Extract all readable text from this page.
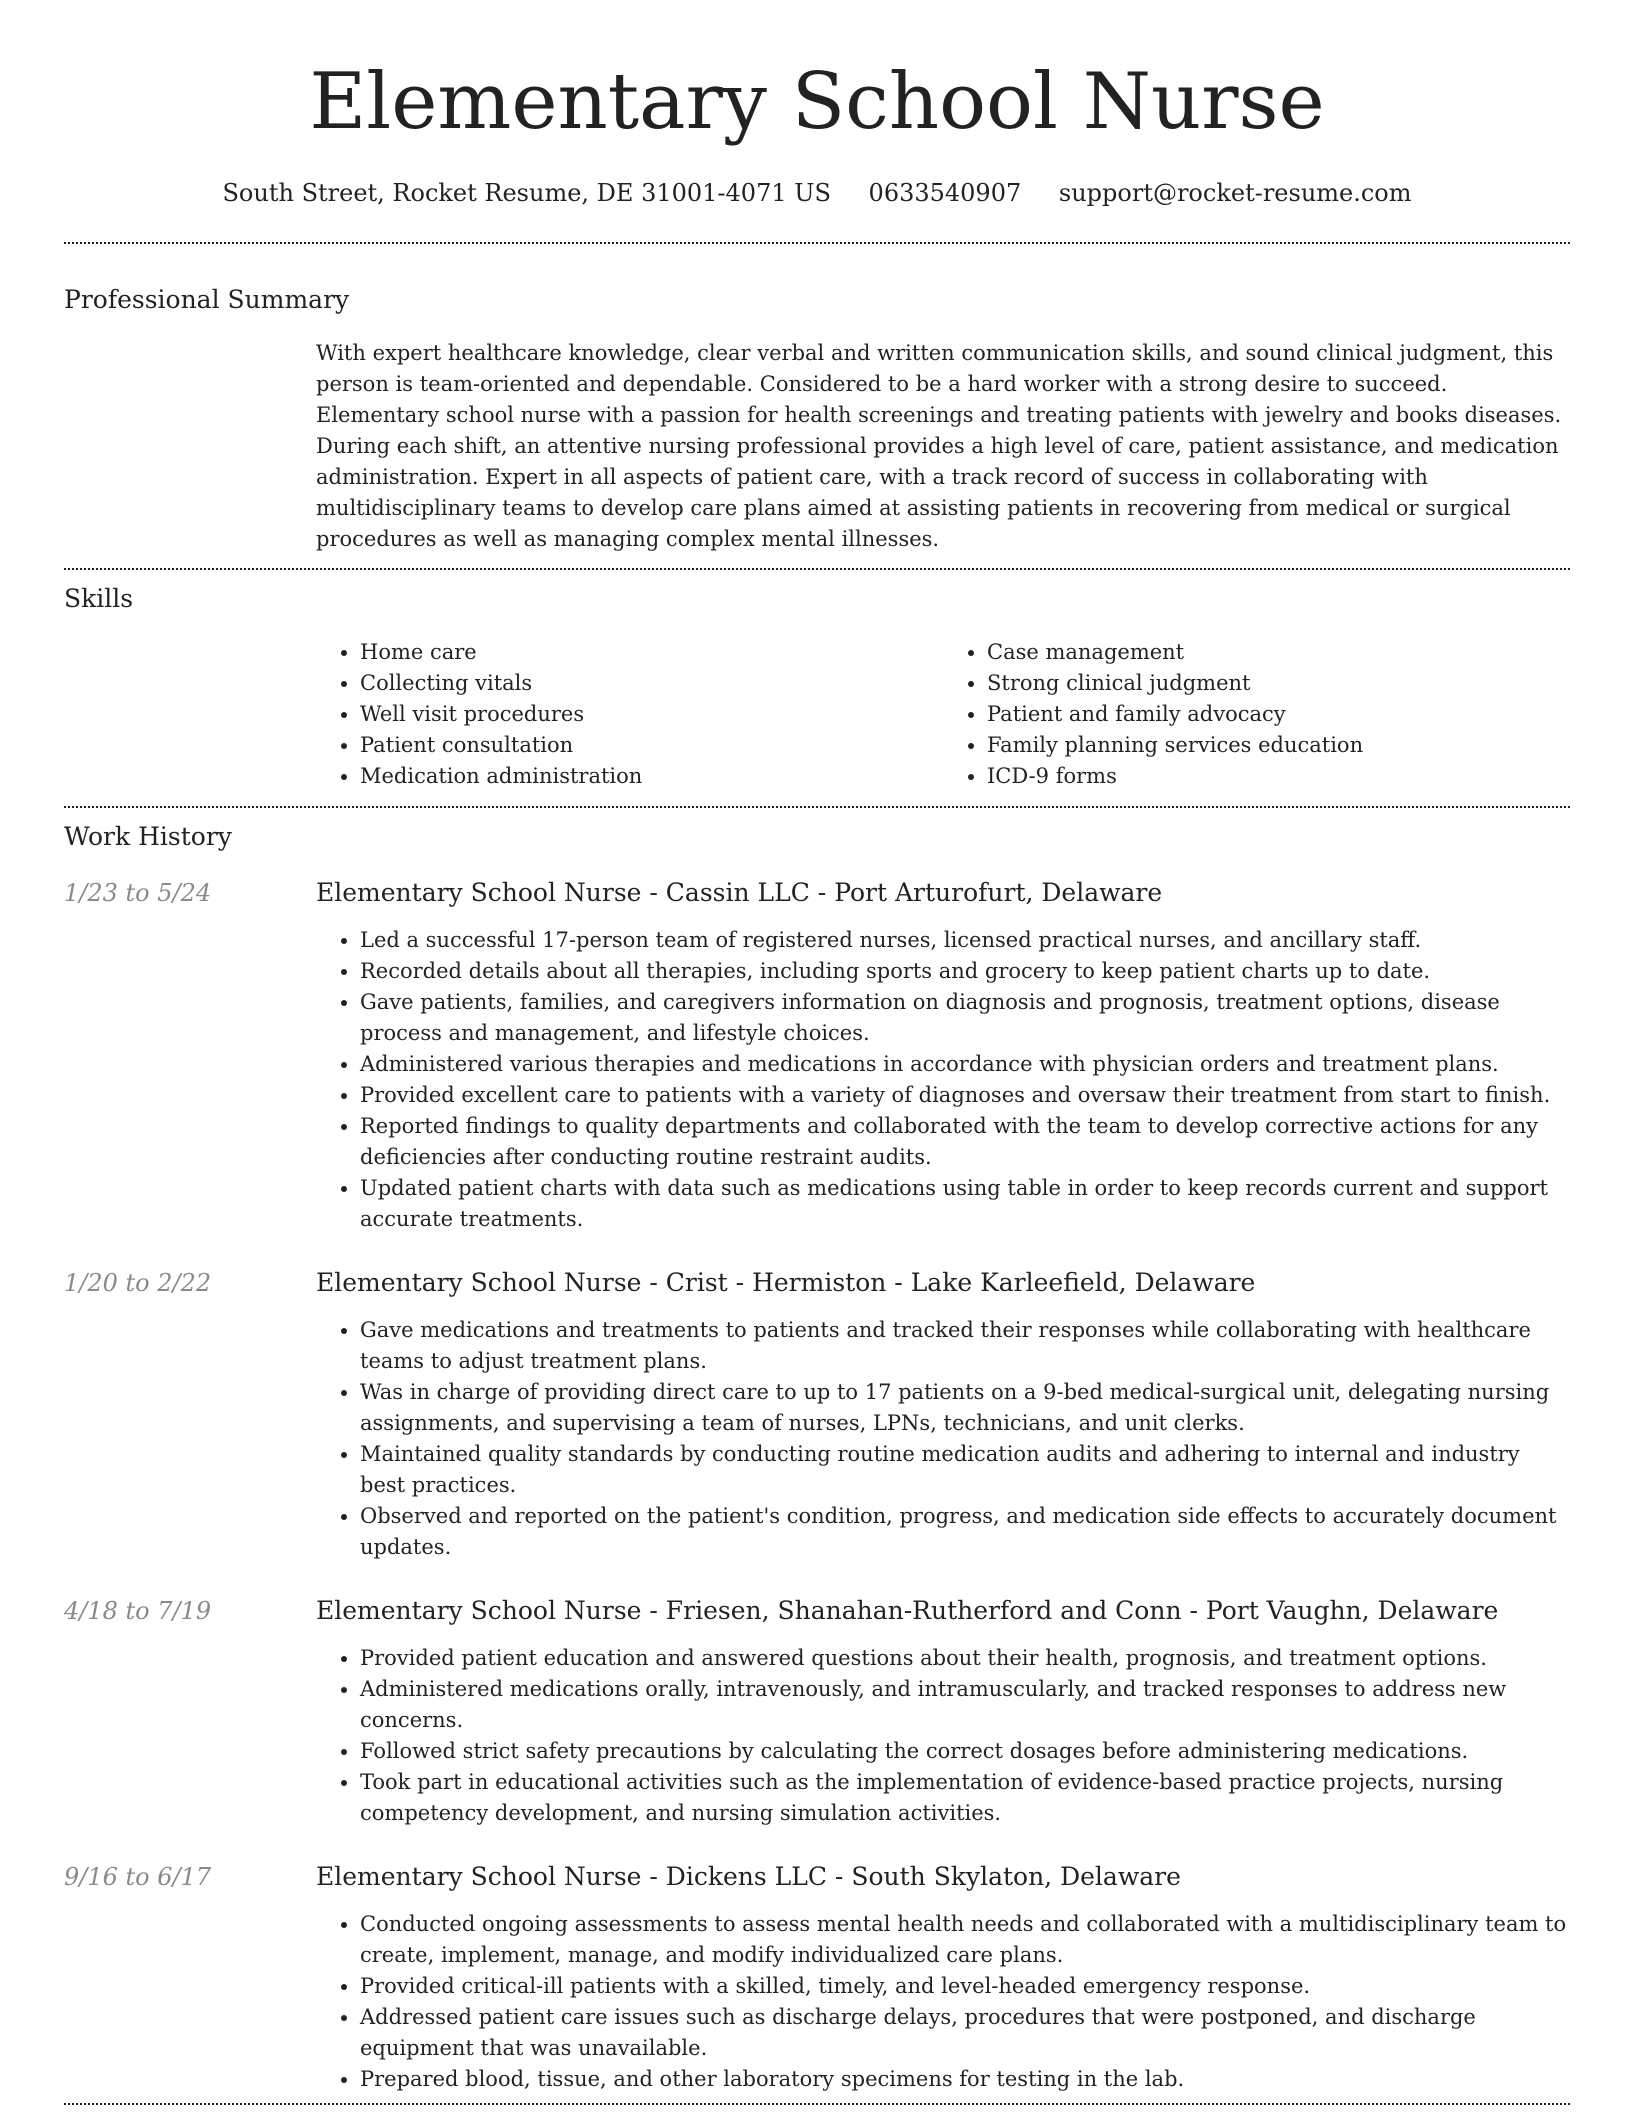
Elementary School Nurse
South Street, Rocket Resume, DE 31001-4071 US 0633540907 support@rocket-resume.com
Professional Summary

With expert healthcare knowledge, clear verbal and written communication skills, and sound clinical judgment, this person is team-oriented and dependable. Considered to be a hard worker with a strong desire to succeed. Elementary school nurse with a passion for health screenings and treating patients with jewelry and books diseases. During each shift, an attentive nursing professional provides a high level of care, patient assistance, and medication administration. Expert in all aspects of patient care, with a track record of success in collaborating with multidisciplinary teams to develop care plans aimed at assisting patients in recovering from medical or surgical procedures as well as managing complex mental illnesses.

Skills
• Home care
• Collecting vitals
• Well visit procedures
• Patient consultation
• Medication administration
• Case management
• Strong clinical judgment
• Patient and family advocacy
• Family planning services education
• ICD-9 forms
Work History
1/23 to 5/24	Elementary School Nurse - Cassin LLC - Port Arturofurt, Delaware
• Led a successful 17-person team of registered nurses, licensed practical nurses, and ancillary staff.
• Recorded details about all therapies, including sports and grocery to keep patient charts up to date.
• Gave patients, families, and caregivers information on diagnosis and prognosis, treatment options, disease process and management, and lifestyle choices.
• Administered various therapies and medications in accordance with physician orders and treatment plans.
• Provided excellent care to patients with a variety of diagnoses and oversaw their treatment from start to finish.
• Reported findings to quality departments and collaborated with the team to develop corrective actions for any deficiencies after conducting routine restraint audits.
• Updated patient charts with data such as medications using table in order to keep records current and support accurate treatments.
1/20 to 2/22	Elementary School Nurse - Crist - Hermiston - Lake Karleefield, Delaware
• Gave medications and treatments to patients and tracked their responses while collaborating with healthcare teams to adjust treatment plans.
• Was in charge of providing direct care to up to 17 patients on a 9-bed medical-surgical unit, delegating nursing assignments, and supervising a team of nurses, LPNs, technicians, and unit clerks.
• Maintained quality standards by conducting routine medication audits and adhering to internal and industry best practices.
• Observed and reported on the patient's condition, progress, and medication side effects to accurately document updates.
4/18 to 7/19	Elementary School Nurse - Friesen, Shanahan-Rutherford and Conn - Port Vaughn, Delaware
• Provided patient education and answered questions about their health, prognosis, and treatment options.
• Administered medications orally, intravenously, and intramuscularly, and tracked responses to address new concerns.
• Followed strict safety precautions by calculating the correct dosages before administering medications.
• Took part in educational activities such as the implementation of evidence-based practice projects, nursing competency development, and nursing simulation activities.
9/16 to 6/17	Elementary School Nurse - Dickens LLC - South Skylaton, Delaware
• Conducted ongoing assessments to assess mental health needs and collaborated with a multidisciplinary team to create, implement, manage, and modify individualized care plans.
• Provided critical-ill patients with a skilled, timely, and level-headed emergency response.
• Addressed patient care issues such as discharge delays, procedures that were postponed, and discharge equipment that was unavailable.
• Prepared blood, tissue, and other laboratory specimens for testing in the lab.
